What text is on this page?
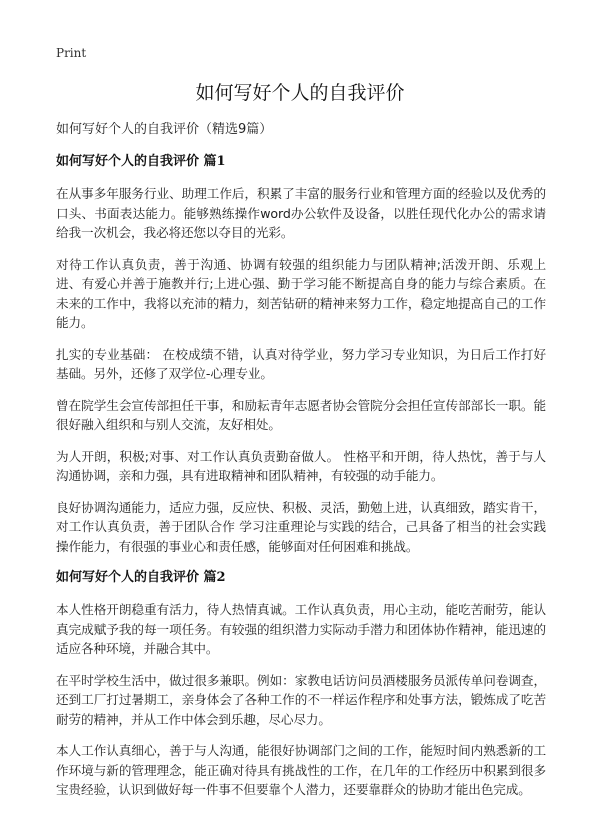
Print
如何写好个人的自我评价

如何写好个人的自我评价（精选9篇）

如何写好个人的自我评价 篇1

在从事多年服务行业、助理工作后，积累了丰富的服务行业和管理方面的经验以及优秀的口头、书面表达能力。能够熟练操作word办公软件及设备，以胜任现代化办公的需求请给我一次机会，我必将还您以夺目的光彩。

对待工作认真负责，善于沟通、协调有较强的组织能力与团队精神;活泼开朗、乐观上进、有爱心并善于施教并行;上进心强、勤于学习能不断提高自身的能力与综合素质。在未来的工作中，我将以充沛的精力，刻苦钻研的精神来努力工作，稳定地提高自己的工作能力。

扎实的专业基础： 在校成绩不错，认真对待学业，努力学习专业知识，为日后工作打好基础。另外，还修了双学位-心理专业。

曾在院学生会宣传部担任干事，和励耘青年志愿者协会管院分会担任宣传部部长一职。能很好融入组织和与别人交流，友好相处。

为人开朗，积极;对事、对工作认真负责勤奋做人。 性格平和开朗，待人热忱，善于与人沟通协调，亲和力强，具有进取精神和团队精神，有较强的动手能力。

良好协调沟通能力，适应力强，反应快、积极、灵活，勤勉上进，认真细致，踏实肯干，对工作认真负责，善于团队合作 学习注重理论与实践的结合，己具备了相当的社会实践操作能力，有很强的事业心和责任感，能够面对任何困难和挑战。

如何写好个人的自我评价 篇2

本人性格开朗稳重有活力，待人热情真诚。工作认真负责，用心主动，能吃苦耐劳，能认真完成赋予我的每一项任务。有较强的组织潜力实际动手潜力和团体协作精神，能迅速的适应各种环境，并融合其中。

在平时学校生活中，做过很多兼职。例如：家教电话访问员酒楼服务员派传单问卷调查，还到工厂打过暑期工，亲身体会了各种工作的不一样运作程序和处事方法，锻炼成了吃苦耐劳的精神，并从工作中体会到乐趣，尽心尽力。

本人工作认真细心，善于与人沟通，能很好协调部门之间的工作，能短时间内熟悉新的工作环境与新的管理理念，能正确对待具有挑战性的工作，在几年的工作经历中积累到很多宝贵经验，认识到做好每一件事不但要靠个人潜力，还要靠群众的协助才能出色完成。
